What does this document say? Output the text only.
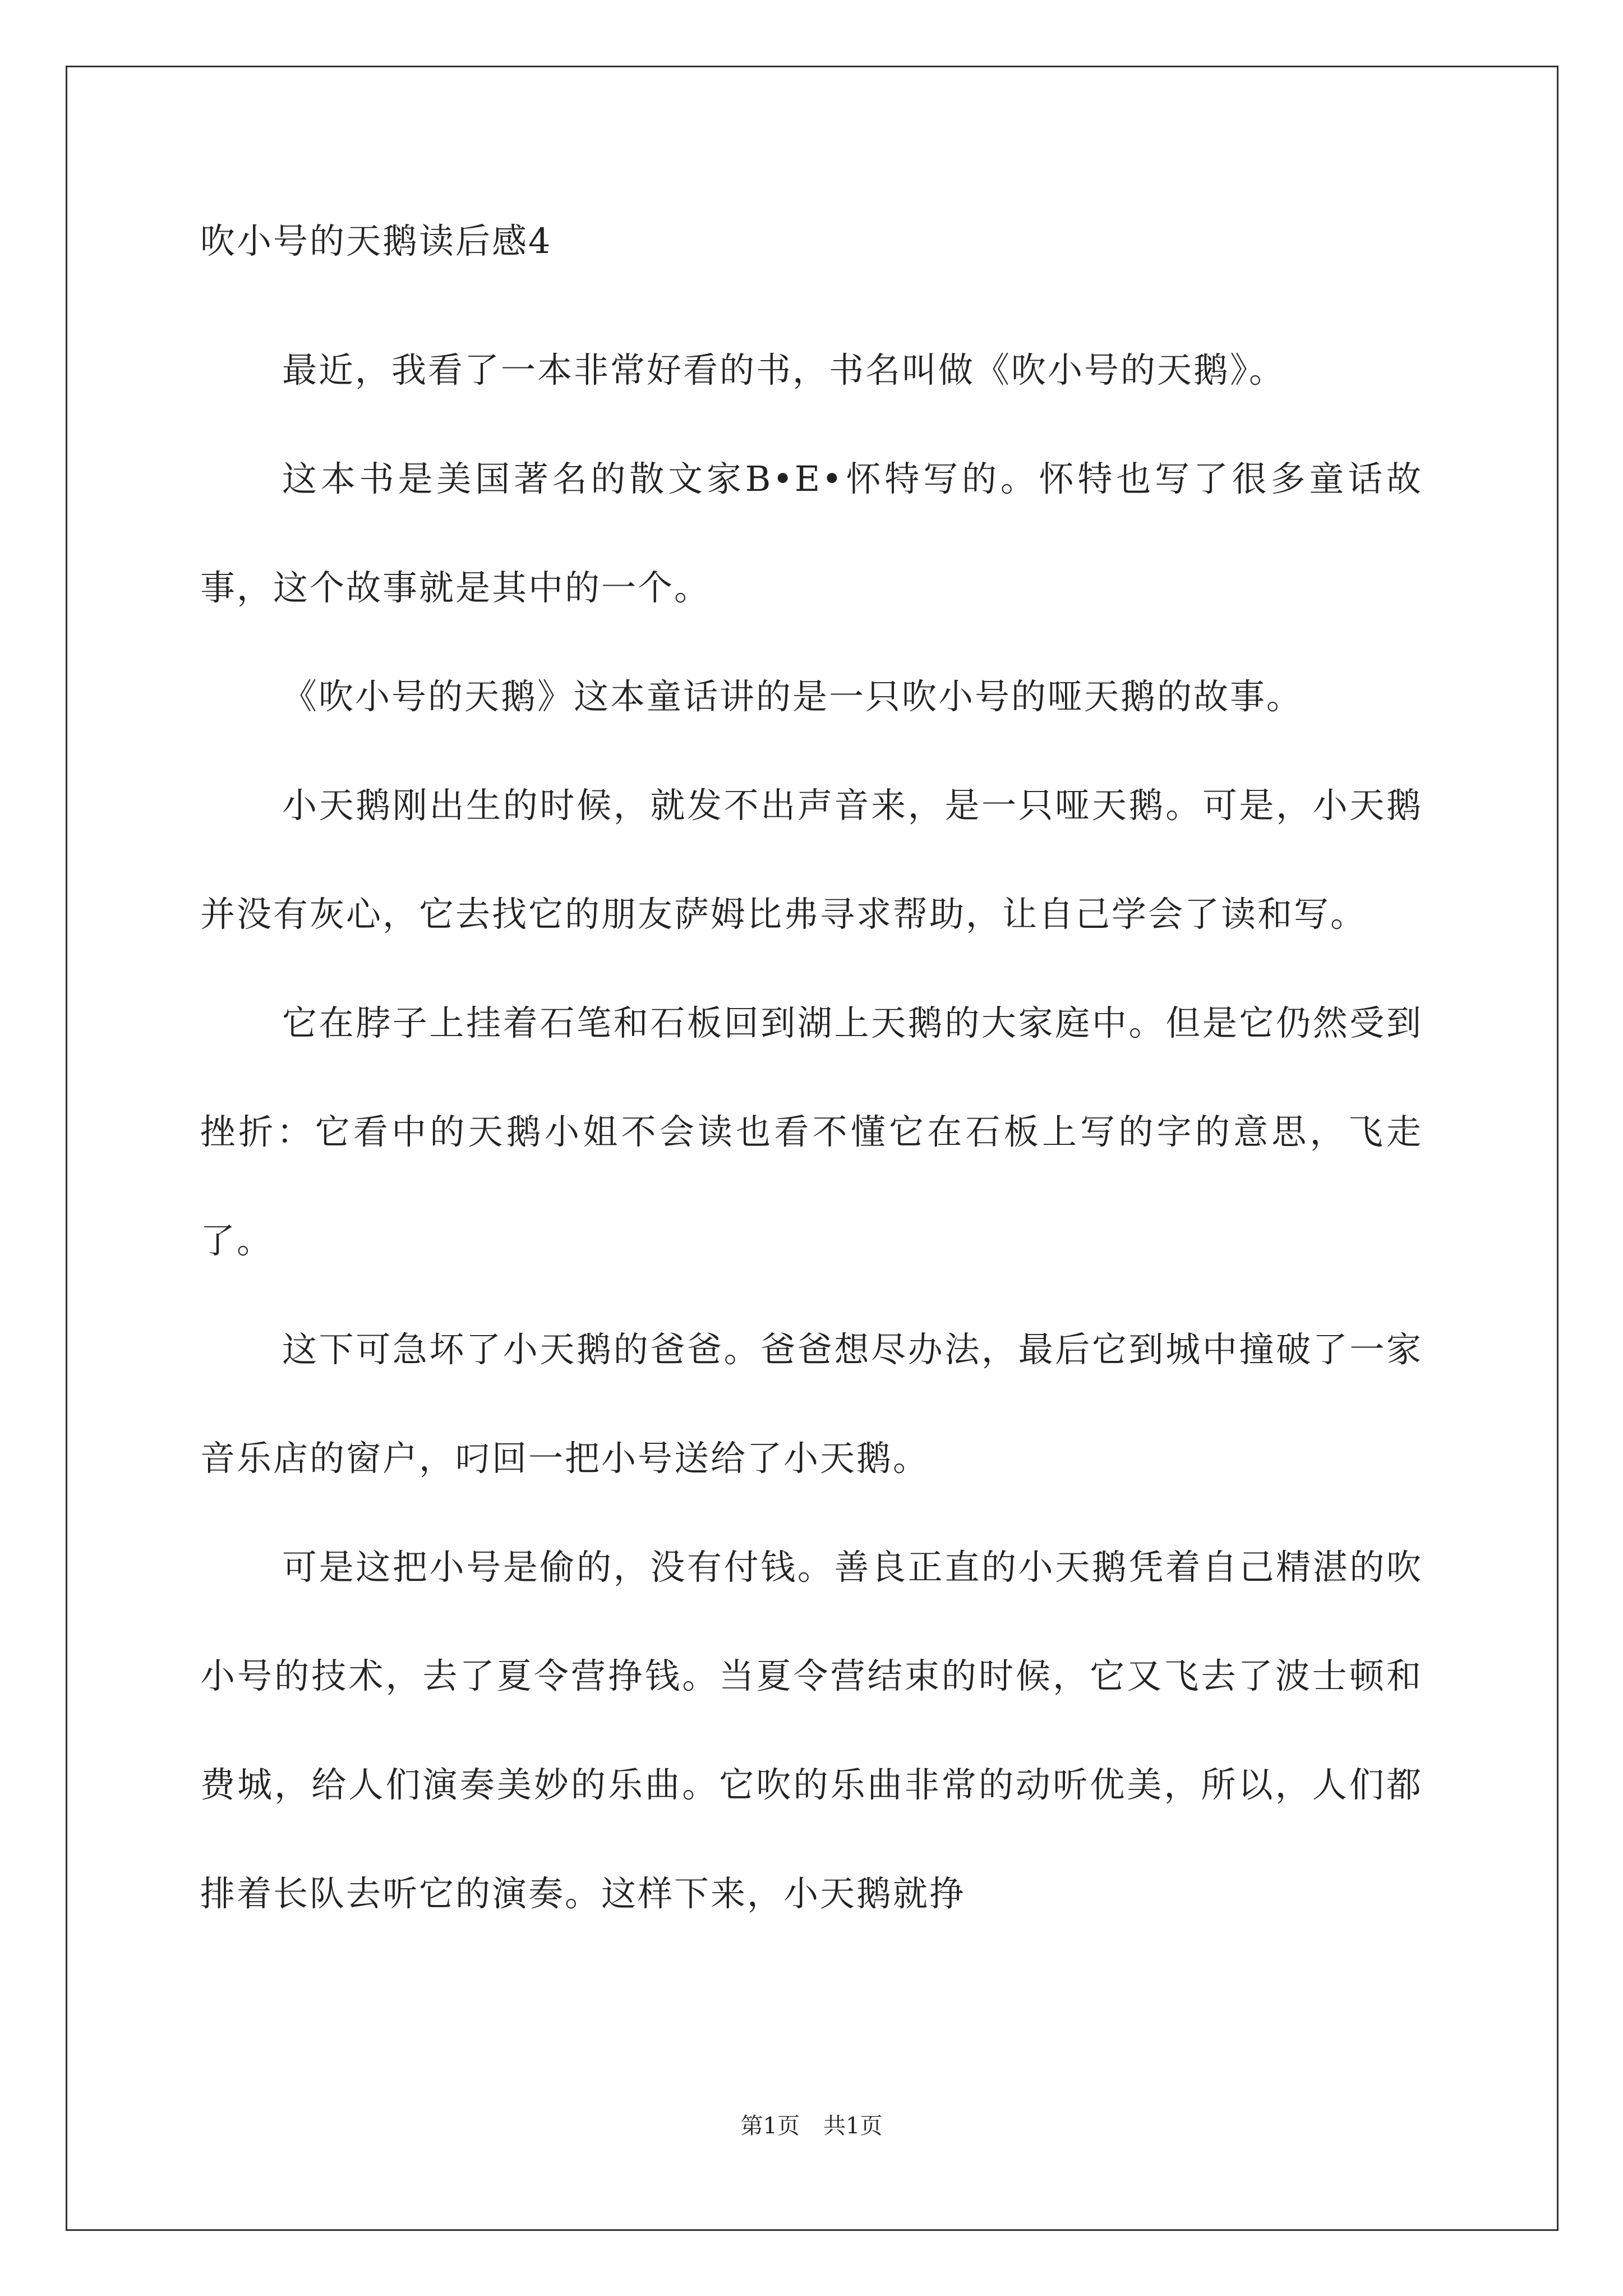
吹小号的天鹅读后感4

最近，我看了一本非常好看的书，书名叫做《吹小号的天鹅》。

这本书是美国著名的散文家B•E•怀特写的。怀特也写了很多童话故事，这个故事就是其中的一个。

《吹小号的天鹅》这本童话讲的是一只吹小号的哑天鹅的故事。

小天鹅刚出生的时候，就发不出声音来，是一只哑天鹅。可是，小天鹅并没有灰心，它去找它的朋友萨姆比弗寻求帮助，让自己学会了读和写。

它在脖子上挂着石笔和石板回到湖上天鹅的大家庭中。但是它仍然受到挫折：它看中的天鹅小姐不会读也看不懂它在石板上写的字的意思，飞走了。

这下可急坏了小天鹅的爸爸。爸爸想尽办法，最后它到城中撞破了一家音乐店的窗户，叼回一把小号送给了小天鹅。

可是这把小号是偷的，没有付钱。善良正直的小天鹅凭着自己精湛的吹小号的技术，去了夏令营挣钱。当夏令营结束的时候，它又飞去了波士顿和费城，给人们演奏美妙的乐曲。它吹的乐曲非常的动听优美，所以，人们都排着长队去听它的演奏。这样下来，小天鹅就挣

第1页 共1页
